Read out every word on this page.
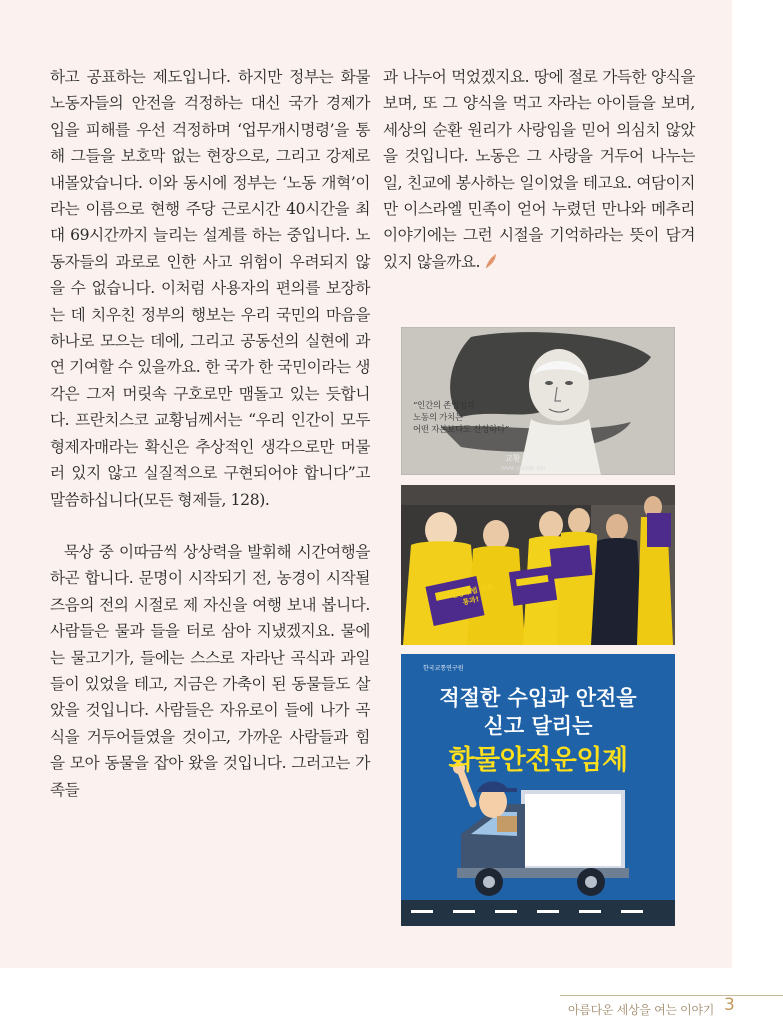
하고 공표하는 제도입니다. 하지만 정부는 화물노동자들의 안전을 걱정하는 대신 국가 경제가 입을 피해를 우선 걱정하며 ‘업무개시명령’을 통해 그들을 보호막 없는 현장으로, 그리고 강제로 내몰았습니다. 이와 동시에 정부는 ‘노동 개혁’이라는 이름으로 현행 주당 근로시간 40시간을 최대 69시간까지 늘리는 설계를 하는 중입니다. 노동자들의 과로로 인한 사고 위험이 우려되지 않을 수 없습니다. 이처럼 사용자의 편의를 보장하는 데 치우친 정부의 행보는 우리 국민의 마음을 하나로 모으는 데에, 그리고 공동선의 실현에 과연 기여할 수 있을까요. 한 국가 한 국민이라는 생각은 그저 머릿속 구호로만 맴돌고 있는 듯합니다. 프란치스코 교황님께서는 “우리 인간이 모두 형제자매라는 확신은 추상적인 생각으로만 머물러 있지 않고 실질적으로 구현되어야 합니다”고 말씀하십니다(모든 형제들, 128).

묵상 중 이따금씩 상상력을 발휘해 시간여행을 하곤 합니다. 문명이 시작되기 전, 농경이 시작될 즈음의 전의 시절로 제 자신을 여행 보내 봅니다. 사람들은 물과 들을 터로 삼아 지냈겠지요. 물에는 물고기가, 들에는 스스로 자라난 곡식과 과일들이 있었을 테고, 지금은 가축이 된 동물들도 살았을 것입니다. 사람들은 자유로이 들에 나가 곡식을 거두어들였을 것이고, 가까운 사람들과 힘을 모아 동물을 잡아 왔을 것입니다. 그러고는 가족들

과 나누어 먹었겠지요. 땅에 절로 가득한 양식을 보며, 또 그 양식을 먹고 자라는 아이들을 보며, 세상의 순환 원리가 사랑임을 믿어 의심치 않았을 것입니다. 노동은 그 사랑을 거두어 나누는 일, 친교에 봉사하는 일이었을 테고요. 여담이지만 이스라엘 민족이 얻어 누렸던 만나와 메추리 이야기에는 그런 시절을 기억하라는 뜻이 담겨 있지 않을까요.

“인간의 존엄성과
노동의 가치는
어떤 자본보다도 신성하다”
교황 레오 13세
PAPA LEONE XIII
노란봉투법 국회 통과!
한국교통연구원
적절한 수입과 안전을
싣고 달리는
화물안전운임제
아름다운 세상을 여는 이야기 3
